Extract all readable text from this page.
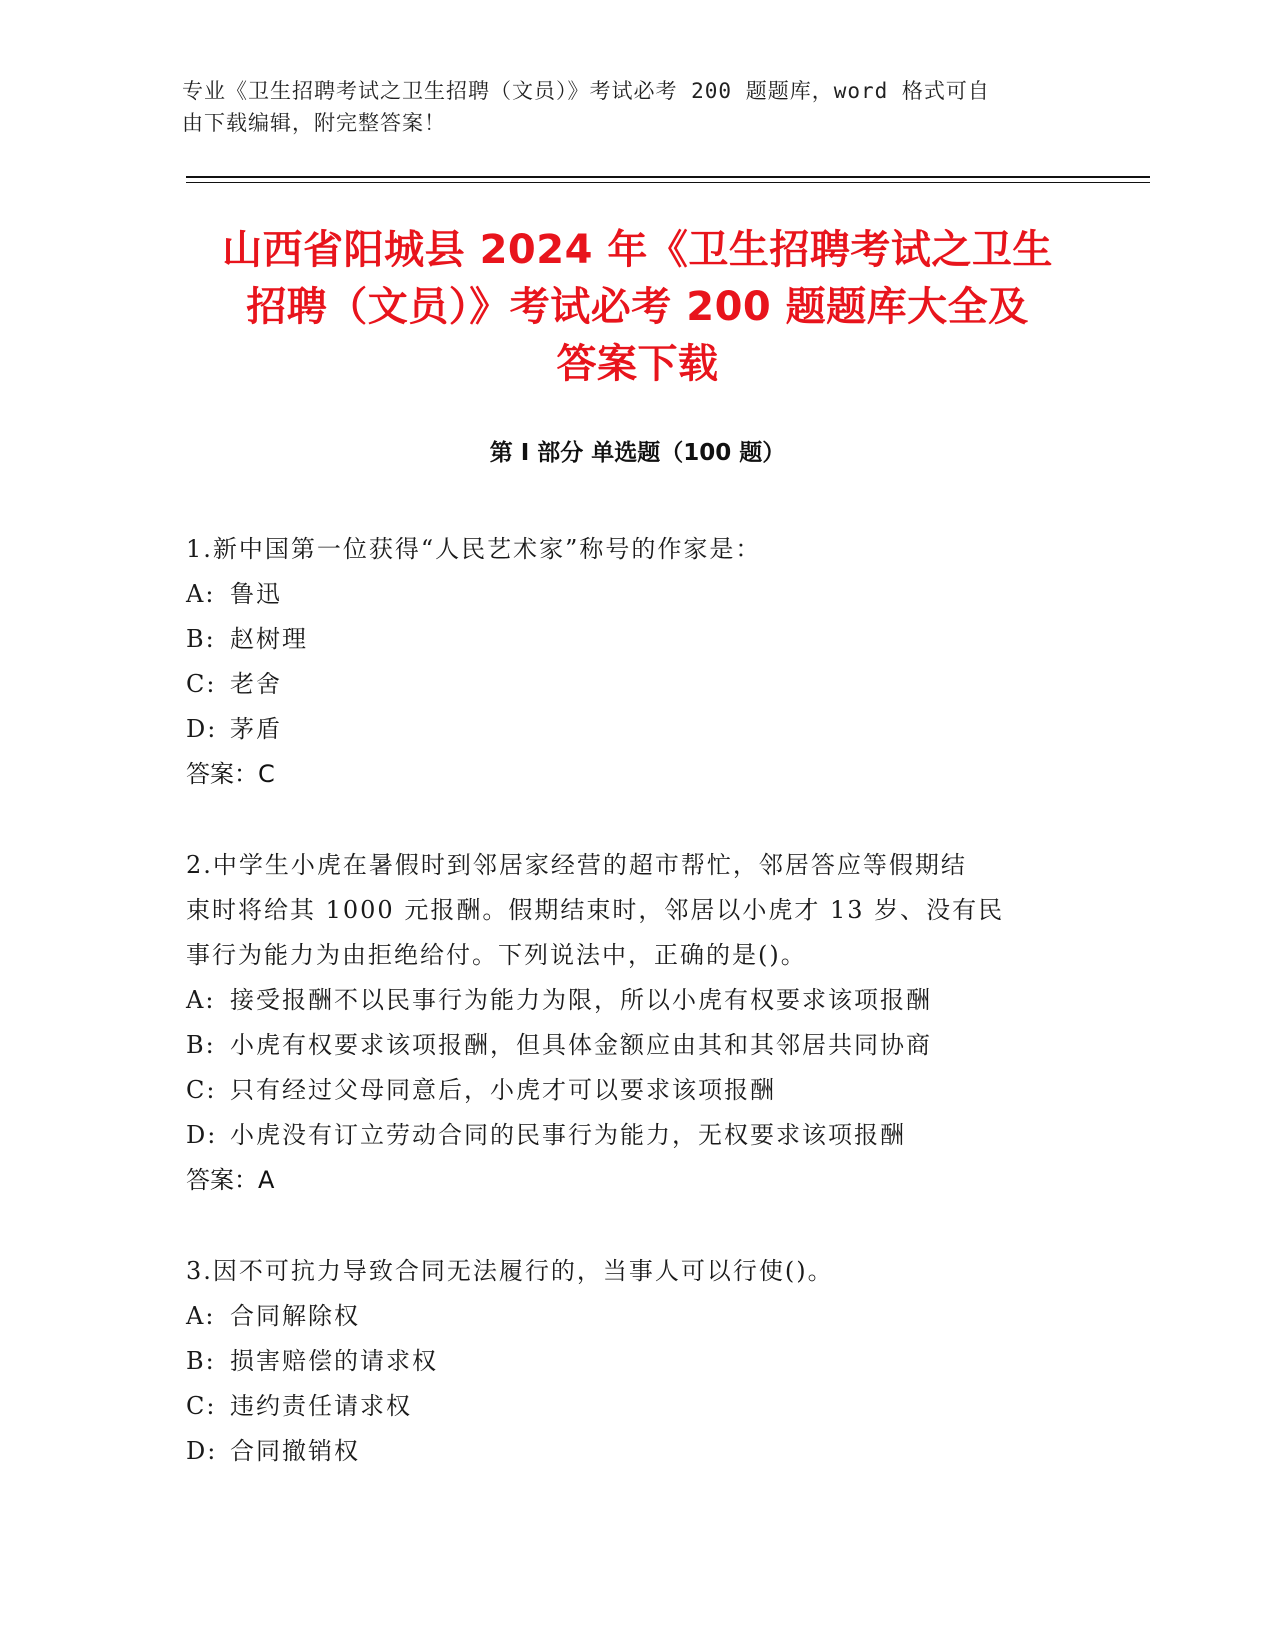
专业《卫生招聘考试之卫生招聘（文员）》考试必考 200 题题库，word 格式可自
由下载编辑，附完整答案！
山西省阳城县 2024 年《卫生招聘考试之卫生
招聘（文员）》考试必考 200 题题库大全及
答案下载
第 I 部分 单选题（100 题）
1.新中国第一位获得“人民艺术家”称号的作家是：
A: 鲁迅
B: 赵树理
C: 老舍
D: 茅盾
答案：C
2.中学生小虎在暑假时到邻居家经营的超市帮忙，邻居答应等假期结
束时将给其 1000 元报酬。假期结束时，邻居以小虎才 13 岁、没有民
事行为能力为由拒绝给付。下列说法中，正确的是()。
A: 接受报酬不以民事行为能力为限，所以小虎有权要求该项报酬
B: 小虎有权要求该项报酬，但具体金额应由其和其邻居共同协商
C: 只有经过父母同意后，小虎才可以要求该项报酬
D: 小虎没有订立劳动合同的民事行为能力，无权要求该项报酬
答案：A
3.因不可抗力导致合同无法履行的，当事人可以行使()。
A: 合同解除权
B: 损害赔偿的请求权
C: 违约责任请求权
D: 合同撤销权
